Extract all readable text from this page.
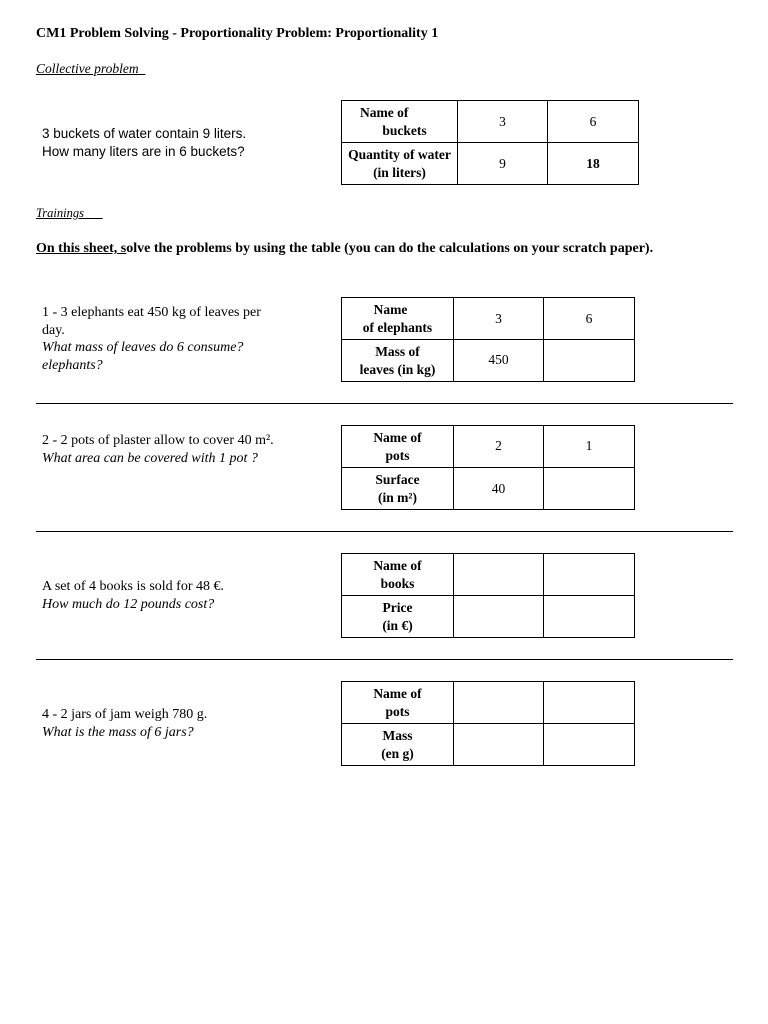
CM1 Problem Solving - Proportionality Problem: Proportionality 1
Collective problem
3 buckets of water contain 9 liters.
How many liters are in 6 buckets?
Name of
buckets	3	6

Quantity of water
(in liters)	9	18
Trainings
On this sheet, solve the problems by using the table (you can do the calculations on your scratch paper).
1 - 3 elephants eat 450 kg of leaves per day.
What mass of leaves do 6 consume? elephants?
Name
of elephants	3	6

Mass of
leaves (in kg)	450	
2 - 2 pots of plaster allow to cover 40 m².
What area can be covered with 1 pot ?
Name of
pots	2	1

Surface
(in m²)	40	
A set of 4 books is sold for 48 €.
How much do 12 pounds cost?
Name of
books		

Price
(in €)		

4 - 2 jars of jam weigh 780 g.
What is the mass of 6 jars?
Name of
pots		

Mass
(en g)		
